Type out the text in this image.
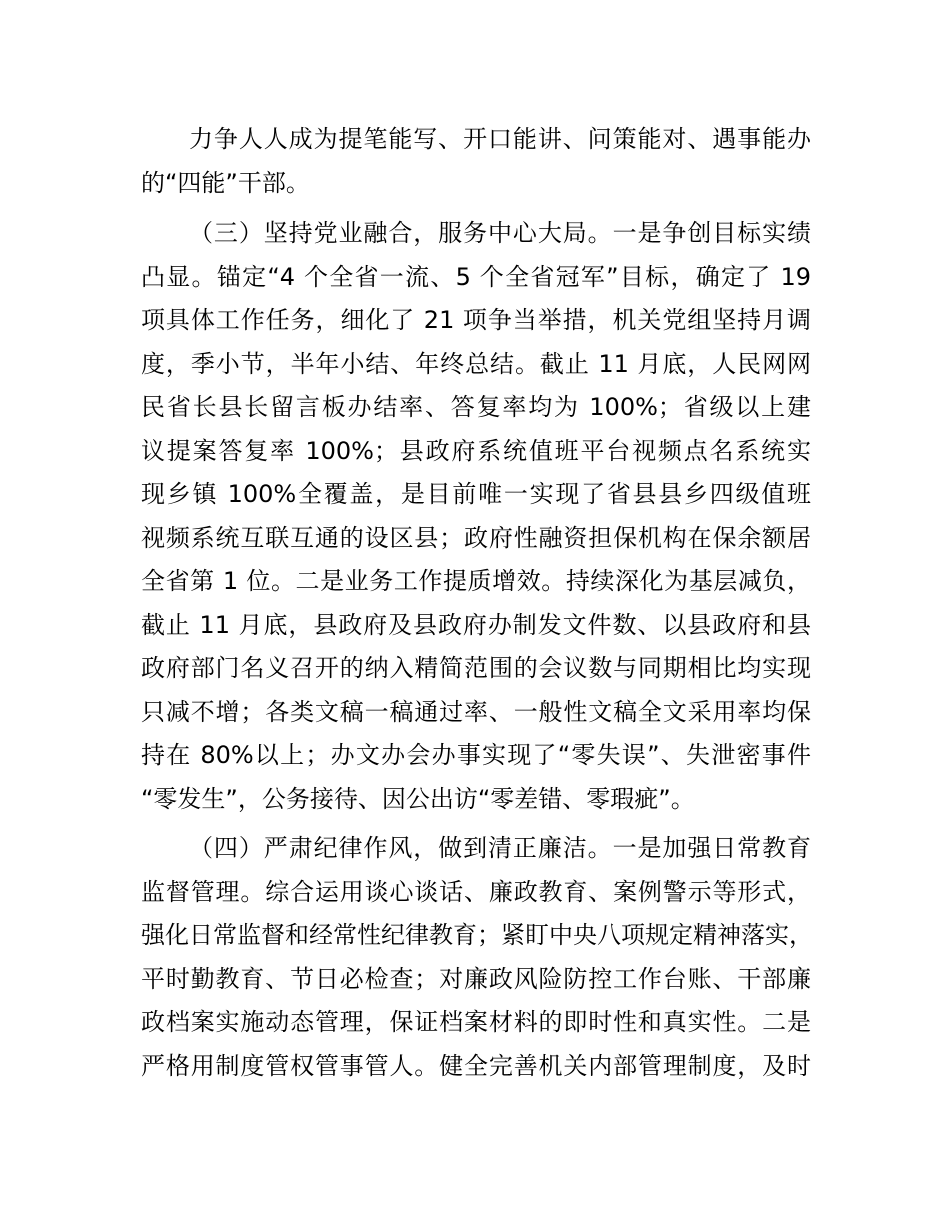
力争人人成为提笔能写、开口能讲、问策能对、遇事能办
的“四能”干部。

（三）坚持党业融合，服务中心大局。一是争创目标实绩
凸显。锚定“4 个全省一流、5 个全省冠军”目标，确定了 19
项具体工作任务，细化了 21 项争当举措，机关党组坚持月调
度，季小节，半年小结、年终总结。截止 11 月底，人民网网
民省长县长留言板办结率、答复率均为 100%；省级以上建
议提案答复率 100%；县政府系统值班平台视频点名系统实
现乡镇 100%全覆盖，是目前唯一实现了省县县乡四级值班
视频系统互联互通的设区县；政府性融资担保机构在保余额居
全省第 1 位。二是业务工作提质增效。持续深化为基层减负，
截止 11 月底，县政府及县政府办制发文件数、以县政府和县
政府部门名义召开的纳入精简范围的会议数与同期相比均实现
只减不增；各类文稿一稿通过率、一般性文稿全文采用率均保
持在 80%以上；办文办会办事实现了“零失误”、失泄密事件
“零发生”，公务接待、因公出访“零差错、零瑕疵”。

（四）严肃纪律作风，做到清正廉洁。一是加强日常教育
监督管理。综合运用谈心谈话、廉政教育、案例警示等形式，
强化日常监督和经常性纪律教育；紧盯中央八项规定精神落实，
平时勤教育、节日必检查；对廉政风险防控工作台账、干部廉
政档案实施动态管理，保证档案材料的即时性和真实性。二是
严格用制度管权管事管人。健全完善机关内部管理制度，及时
